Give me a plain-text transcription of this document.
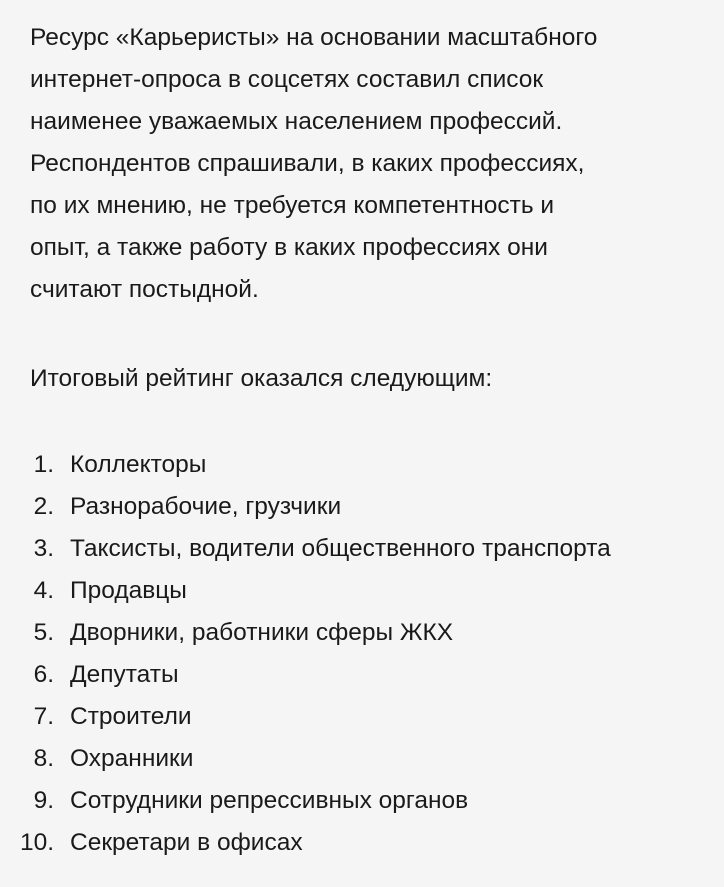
Ресурс «Карьеристы» на основании масштабного
интернет-опроса в соцсетях составил список
наименее уважаемых населением профессий.
Респондентов спрашивали, в каких профессиях,
по их мнению, не требуется компетентность и
опыт, а также работу в каких профессиях они
считают постыдной.

Итоговый рейтинг оказался следующим:

1. Коллекторы
2. Разнорабочие, грузчики
3. Таксисты, водители общественного транспорта
4. Продавцы
5. Дворники, работники сферы ЖКХ
6. Депутаты
7. Строители
8. Охранники
9. Сотрудники репрессивных органов
10. Секретари в офисах
